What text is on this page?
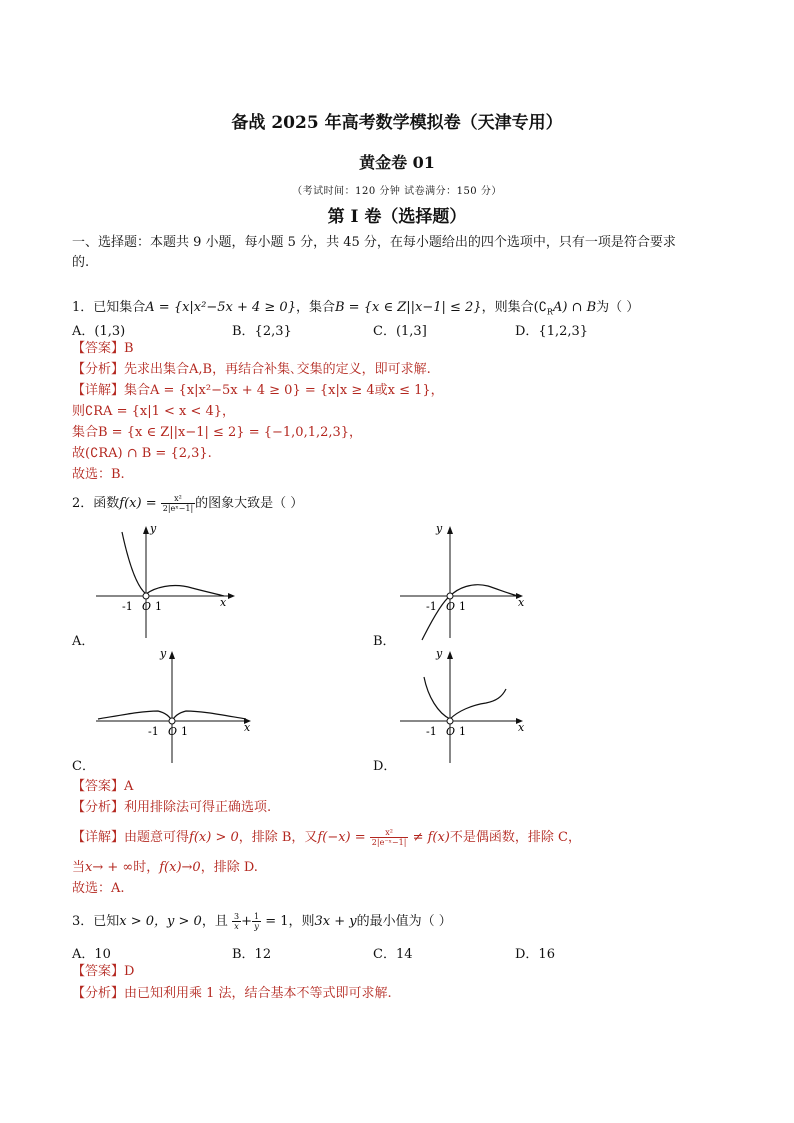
备战 2025 年高考数学模拟卷（天津专用）
黄金卷 01
（考试时间：120 分钟 试卷满分：150 分）
第 I 卷（选择题）
一、选择题：本题共 9 小题，每小题 5 分，共 45 分，在每小题给出的四个选项中，只有一项是符合要求
的.
1．已知集合A = {x|x²−5x + 4 ≥ 0}，集合B = {x ∈ Z||x−1| ≤ 2}，则集合$(∁_RA)$ ∩ B为（ ）
A．(1,3)	B．{2,3}	C．(1,3]	D．{1,2,3}
【答案】B
【分析】先求出集合A,B，再结合补集､交集的定义，即可求解.
【详解】集合A = {x|x²−5x + 4 ≥ 0} = {x|x ≥ 4或x ≤ 1}，
则∁RA = {x|1 < x < 4}，
集合B = {x ∈ Z||x−1| ≤ 2} = {−1,0,1,2,3}，
故(∁RA) ∩ B = {2,3}.
故选：B.
2．函数$f(x) = \frac{\text{x²}}{\text{2|eˣ−1|}}$ 的图象大致是（ ）
y
x
-1 O 1
A．
y
x
-1 O 1
B．
y
x
-1 O 1
C．
y
x
-1 O 1
D．
【答案】A
【分析】利用排除法可得正确选项.
【详解】由题意可得f(x) > 0，排除 B，又$f(-x) = \frac{\text{x²}}{\text{2|e⁻ˣ−1|}} \ne f(x)$不是偶函数，排除 C，
当x→ + ∞时，f(x)→0，排除 D.
故选：A.
3．已知x > 0，y > 0，且 $\frac{3}{x} + \frac{1}{y} = 1$，则3x + y的最小值为（ ）
A．10	B．12	C．14	D．16
【答案】D
【分析】由已知利用乘 1 法，结合基本不等式即可求解.
